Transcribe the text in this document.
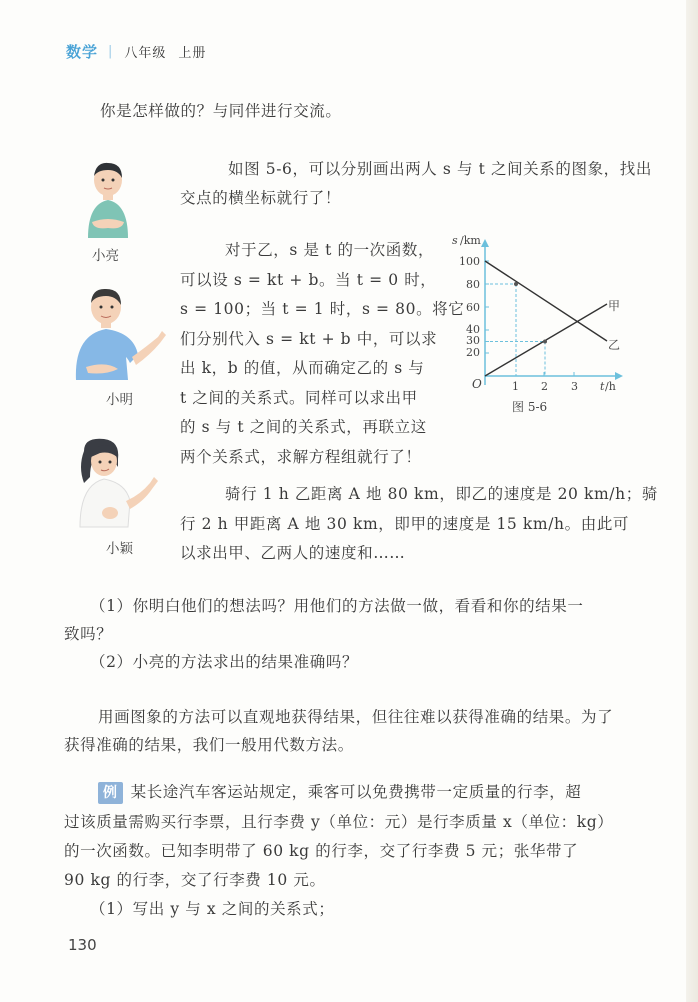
数学 | 八年级 上册
你是怎样做的？与同伴进行交流。
小亮
如图 5-6，可以分别画出两人 s 与 t 之间关系的图象，找出
交点的横坐标就行了！
小明
对于乙，s 是 t 的一次函数，
可以设 s = kt + b。当 t = 0 时，
s = 100；当 t = 1 时，s = 80。将它
们分别代入 s = kt + b 中，可以求
出 k，b 的值，从而确定乙的 s 与
t 之间的关系式。同样可以求出甲
的 s 与 t 之间的关系式，再联立这
两个关系式，求解方程组就行了！
s /km
100
80
60
40
30
20
O	1 2 3 t /h
甲
乙
图 5-6
小颖
骑行 1 h 乙距离 A 地 80 km，即乙的速度是 20 km/h；骑
行 2 h 甲距离 A 地 30 km，即甲的速度是 15 km/h。由此可
以求出甲、乙两人的速度和……
（1）你明白他们的想法吗？用他们的方法做一做，看看和你的结果一
致吗？
（2）小亮的方法求出的结果准确吗？
用画图象的方法可以直观地获得结果，但往往难以获得准确的结果。为了
获得准确的结果，我们一般用代数方法。
例 某长途汽车客运站规定，乘客可以免费携带一定质量的行李，超
过该质量需购买行李票，且行李费 y（单位：元）是行李质量 x（单位：kg）
的一次函数。已知李明带了 60 kg 的行李，交了行李费 5 元；张华带了
90 kg 的行李，交了行李费 10 元。
（1）写出 y 与 x 之间的关系式；
130
